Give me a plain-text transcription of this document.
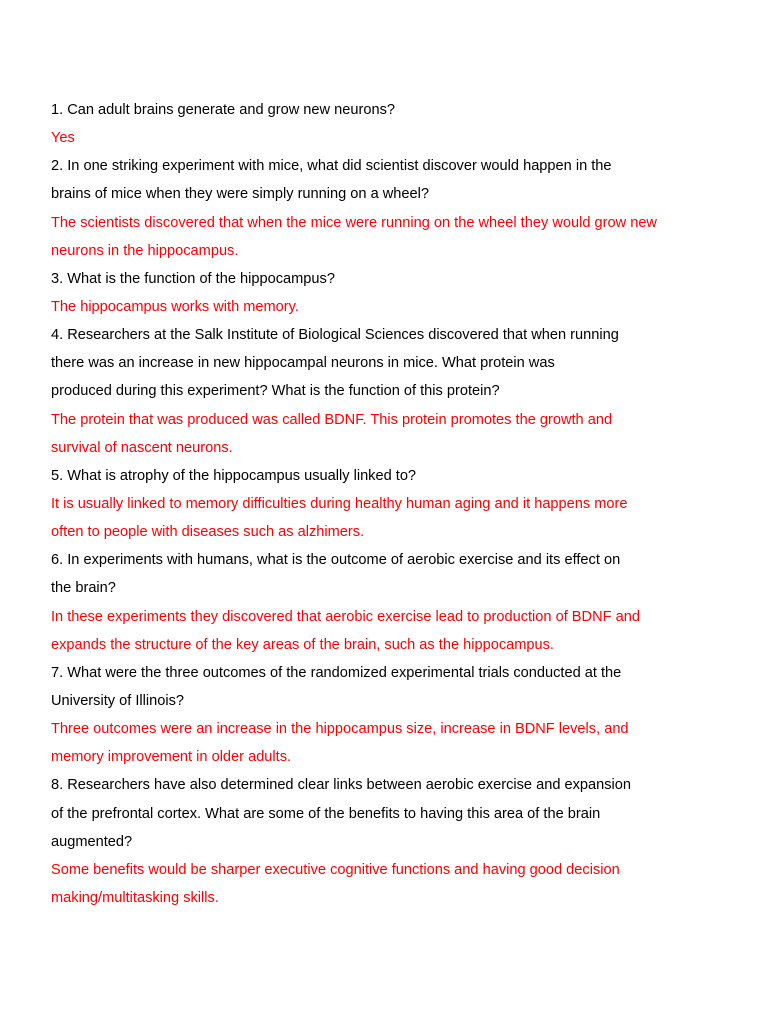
1. Can adult brains generate and grow new neurons?
Yes
2. In one striking experiment with mice, what did scientist discover would happen in the
brains of mice when they were simply running on a wheel?
The scientists discovered that when the mice were running on the wheel they would grow new
neurons in the hippocampus.
3. What is the function of the hippocampus?
The hippocampus works with memory.
4. Researchers at the Salk Institute of Biological Sciences discovered that when running
there was an increase in new hippocampal neurons in mice. What protein was
produced during this experiment? What is the function of this protein?
The protein that was produced was called BDNF. This protein promotes the growth and
survival of nascent neurons.
5. What is atrophy of the hippocampus usually linked to?
It is usually linked to memory difficulties during healthy human aging and it happens more
often to people with diseases such as alzhimers.
6. In experiments with humans, what is the outcome of aerobic exercise and its effect on
the brain?
In these experiments they discovered that aerobic exercise lead to production of BDNF and
expands the structure of the key areas of the brain, such as the hippocampus.
7. What were the three outcomes of the randomized experimental trials conducted at the
University of Illinois?
Three outcomes were an increase in the hippocampus size, increase in BDNF levels, and
memory improvement in older adults.
8. Researchers have also determined clear links between aerobic exercise and expansion
of the prefrontal cortex. What are some of the benefits to having this area of the brain
augmented?
Some benefits would be sharper executive cognitive functions and having good decision
making/multitasking skills.
